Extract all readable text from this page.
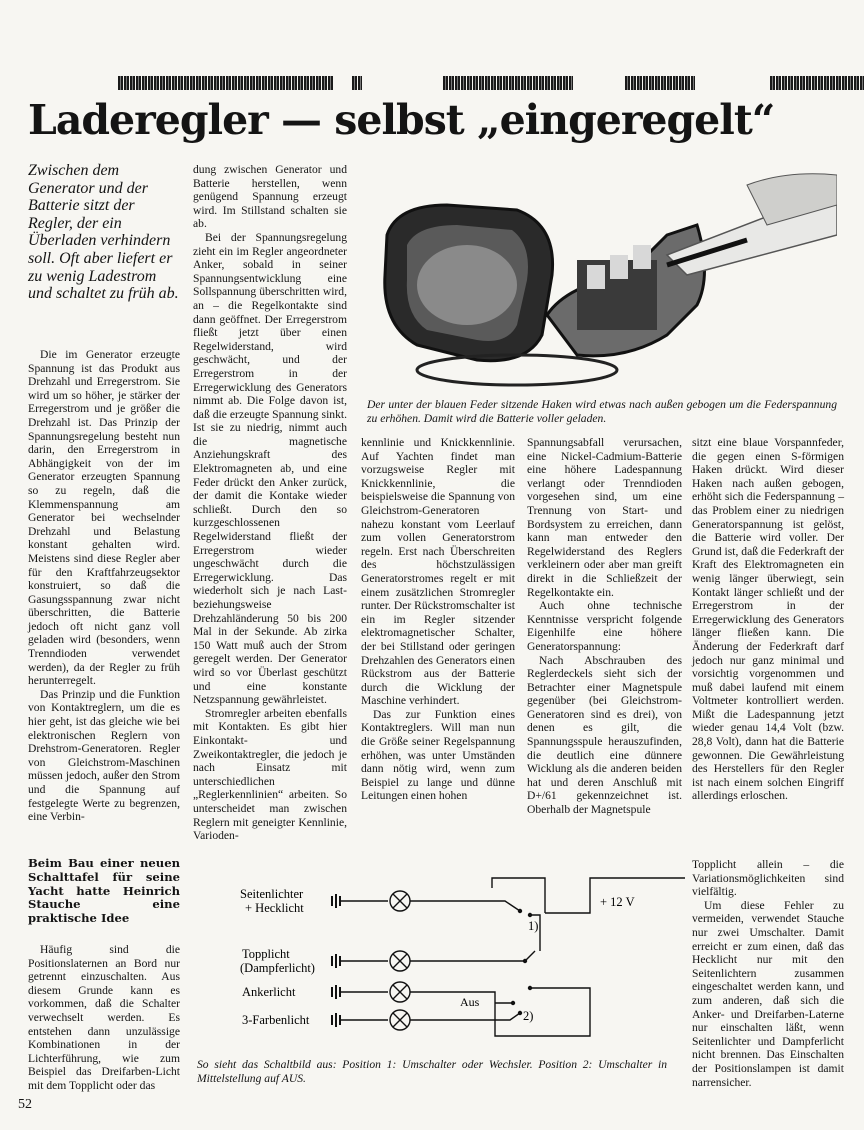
Laderegler — selbst „eingeregelt“
Zwischen dem Generator und der Batterie sitzt der Regler, der ein Überladen verhindern soll. Oft aber liefert er zu wenig Ladestrom und schaltet zu früh ab.

Die im Generator erzeugte Spannung ist das Produkt aus Drehzahl und Erregerstrom. Sie wird um so höher, je stärker der Erregerstrom und je größer die Drehzahl ist. Das Prinzip der Spannungsregelung besteht nun darin, den Erregerstrom in Abhängigkeit von der im Generator erzeugten Spannung so zu regeln, daß die Klemmenspannung am Generator bei wechselnder Drehzahl und Belastung konstant gehalten wird. Meistens sind diese Regler aber für den Kraftfahrzeugsektor konstruiert, so daß die Gasungsspannung zwar nicht überschritten, die Batterie jedoch oft nicht ganz voll geladen wird (besonders, wenn Trenndioden verwendet werden), da der Regler zu früh herunterregelt.

Das Prinzip und die Funktion von Kontaktreglern, um die es hier geht, ist das gleiche wie bei elektronischen Reglern von Drehstrom-Generatoren. Regler von Gleichstrom-Maschinen müssen jedoch, außer den Strom und die Spannung auf festgelegte Werte zu begrenzen, eine Verbin-

dung zwischen Generator und Batterie herstellen, wenn genügend Spannung erzeugt wird. Im Stillstand schalten sie ab.

Bei der Spannungsregelung zieht ein im Regler angeordneter Anker, sobald in seiner Spannungsentwicklung eine Sollspannung überschritten wird, an – die Regelkontakte sind dann geöffnet. Der Erregerstrom fließt jetzt über einen Regelwiderstand, wird geschwächt, und der Erregerstrom in der Erregerwicklung des Generators nimmt ab. Die Folge davon ist, daß die erzeugte Spannung sinkt. Ist sie zu niedrig, nimmt auch die magnetische Anziehungskraft des Elektromagneten ab, und eine Feder drückt den Anker zurück, der damit die Kontake wieder schließt. Durch den so kurzgeschlossenen Regelwiderstand fließt der Erregerstrom wieder ungeschwächt durch die Erregerwicklung. Das wiederholt sich je nach Last- beziehungsweise Drehzahländerung 50 bis 200 Mal in der Sekunde. Ab zirka 150 Watt muß auch der Strom geregelt werden. Der Generator wird so vor Überlast geschützt und eine konstante Netzspannung gewährleistet.

Stromregler arbeiten ebenfalls mit Kontakten. Es gibt hier Einkontakt- und Zweikontaktregler, die jedoch je nach Einsatz mit unterschiedlichen „Reglerkennlinien“ arbeiten. So unterscheidet man zwischen Reglern mit geneigter Kennlinie, Varioden-

Der unter der blauen Feder sitzende Haken wird etwas nach außen gebogen um die Federspannung zu erhöhen. Damit wird die Batterie voller geladen.

kennlinie und Knickkennlinie. Auf Yachten findet man vorzugsweise Regler mit Knickkennlinie, die beispielsweise die Spannung von Gleichstrom-Generatoren nahezu konstant vom Leerlauf zum vollen Generatorstrom regeln. Erst nach Überschreiten des höchstzulässigen Generatorstromes regelt er mit einem zusätzlichen Stromregler runter. Der Rückstromschalter ist ein im Regler sitzender elektromagnetischer Schalter, der bei Stillstand oder geringen Drehzahlen des Generators einen Rückstrom aus der Batterie durch die Wicklung der Maschine verhindert.

Das zur Funktion eines Kontaktreglers. Will man nun die Größe seiner Regelspannung erhöhen, was unter Umständen dann nötig wird, wenn zum Beispiel zu lange und dünne Leitungen einen hohen

Spannungsabfall verursachen, eine Nickel-Cadmium-Batterie eine höhere Ladespannung verlangt oder Trenndioden vorgesehen sind, um eine Trennung von Start- und Bordsystem zu erreichen, dann kann man entweder den Regelwiderstand des Reglers verkleinern oder aber man greift direkt in die Schließzeit der Regelkontakte ein.

Auch ohne technische Kenntnisse verspricht folgende Eigenhilfe eine höhere Generatorspannung:

Nach Abschrauben des Reglerdeckels sieht sich der Betrachter einer Magnetspule gegenüber (bei Gleichstrom-Generatoren sind es drei), von denen es gilt, die Spannungsspule herauszufinden, die deutlich eine dünnere Wicklung als die anderen beiden hat und deren Anschluß mit D+/61 gekennzeichnet ist. Oberhalb der Magnetspule

sitzt eine blaue Vorspannfeder, die gegen einen S-förmigen Haken drückt. Wird dieser Haken nach außen gebogen, erhöht sich die Federspannung – das Problem einer zu niedrigen Generatorspannung ist gelöst, die Batterie wird voller. Der Grund ist, daß die Federkraft der Kraft des Elektromagneten ein wenig länger überwiegt, sein Kontakt länger schließt und der Erregerstrom in der Erregerwicklung des Generators länger fließen kann. Die Änderung der Federkraft darf jedoch nur ganz minimal und vorsichtig vorgenommen und muß dabei laufend mit einem Voltmeter kontrolliert werden. Mißt die Ladespannung jetzt wieder genau 14,4 Volt (bzw. 28,8 Volt), dann hat die Batterie gewonnen. Die Gewährleistung des Herstellers für den Regler ist nach einem solchen Eingriff allerdings erloschen.

Beim Bau einer neuen Schalttafel für seine Yacht hatte Heinrich Stauche eine praktische Idee

Häufig sind die Positionslaternen an Bord nur getrennt einzuschalten. Aus diesem Grunde kann es vorkommen, daß die Schalter verwechselt werden. Es entstehen dann unzulässige Kombinationen in der Lichterführung, wie zum Beispiel das Dreifarben-Licht mit dem Topplicht oder das

Seitenlichter
+ Hecklicht
Topplicht
(Dampferlicht)
Ankerlicht
3-Farbenlicht
+ 12 V
1)
Aus
2)
So sieht das Schaltbild aus: Position 1: Umschalter oder Wechsler. Position 2: Umschalter in Mittelstellung auf AUS.

Topplicht allein – die Variationsmöglichkeiten sind vielfältig.

Um diese Fehler zu vermeiden, verwendet Stauche nur zwei Umschalter. Damit erreicht er zum einen, daß das Hecklicht nur mit den Seitenlichtern zusammen eingeschaltet werden kann, und zum anderen, daß sich die Anker- und Dreifarben-Laterne nur einschalten läßt, wenn Seitenlichter und Dampferlicht nicht brennen. Das Einschalten der Positionslampen ist damit narrensicher.

52
